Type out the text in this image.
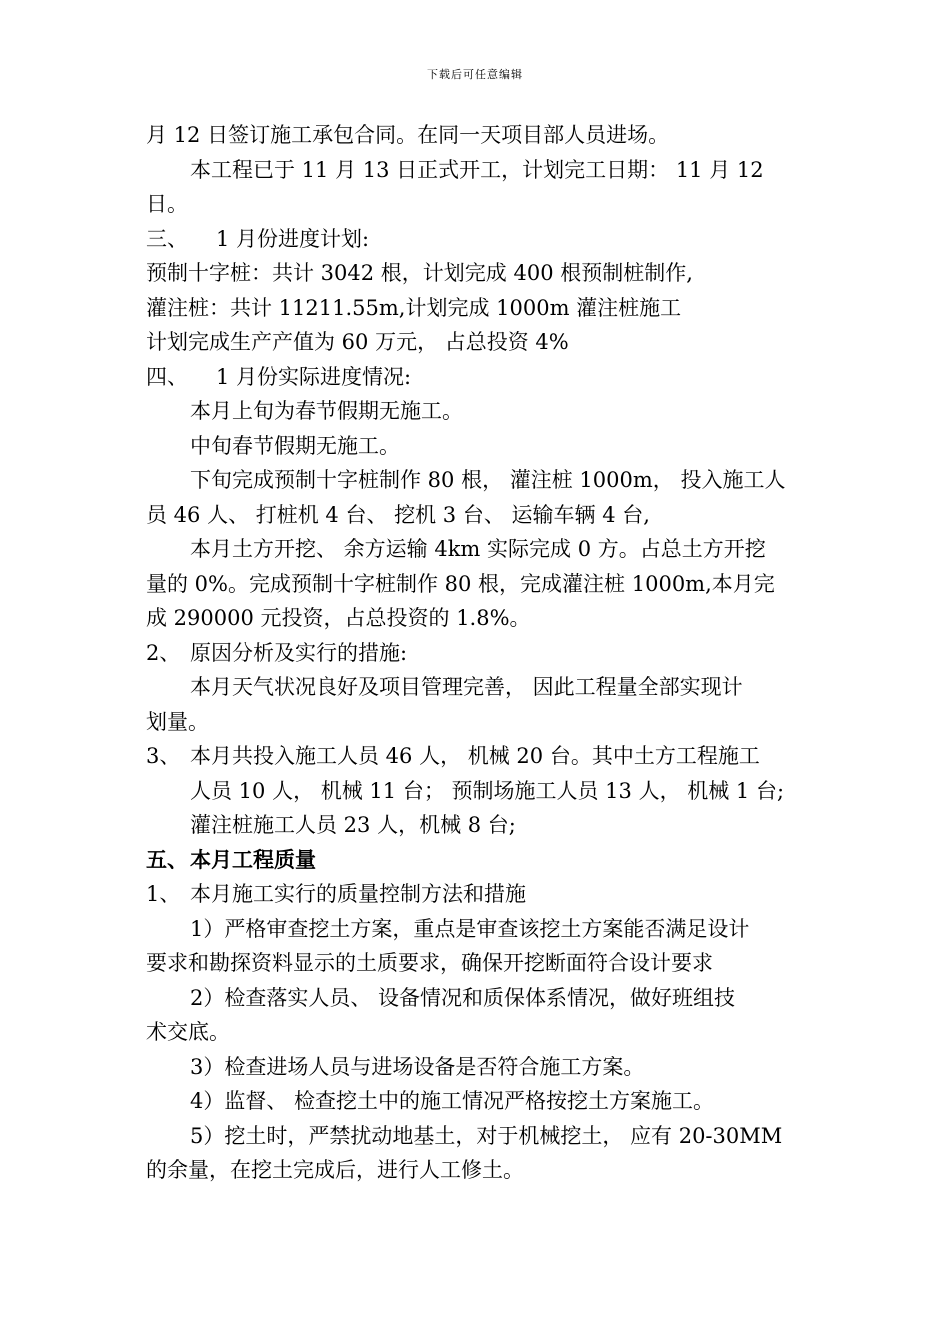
下载后可任意编辑
月 12 日签订施工承包合同。在同一天项目部人员进场。
本工程已于 11 月 13 日正式开工，计划完工日期： 11 月 12
日。
三、 1 月份进度计划:
预制十字桩：共计 3042 根，计划完成 400 根预制桩制作,
灌注桩：共计 11211.55m,计划完成 1000m 灌注桩施工
计划完成生产产值为 60 万元， 占总投资 4%
四、 1 月份实际进度情况:
本月上旬为春节假期无施工。
中旬春节假期无施工。
下旬完成预制十字桩制作 80 根， 灌注桩 1000m， 投入施工人
员 46 人、 打桩机 4 台、 挖机 3 台、 运输车辆 4 台,
本月土方开挖、 余方运输 4km 实际完成 0 方。占总土方开挖
量的 0%。完成预制十字桩制作 80 根，完成灌注桩 1000m,本月完
成 290000 元投资，占总投资的 1.8%。
2、 原因分析及实行的措施:
本月天气状况良好及项目管理完善， 因此工程量全部实现计
划量。
3、 本月共投入施工人员 46 人， 机械 20 台。其中土方工程施工
人员 10 人， 机械 11 台； 预制场施工人员 13 人， 机械 1 台;
灌注桩施工人员 23 人，机械 8 台;
五、本月工程质量
1、 本月施工实行的质量控制方法和措施
1）严格审查挖土方案，重点是审查该挖土方案能否满足设计
要求和勘探资料显示的土质要求，确保开挖断面符合设计要求
2）检查落实人员、 设备情况和质保体系情况，做好班组技
术交底。
3）检查进场人员与进场设备是否符合施工方案。
4）监督、 检查挖土中的施工情况严格按挖土方案施工。
5）挖土时，严禁扰动地基土，对于机械挖土， 应有 20-30MM
的余量，在挖土完成后，进行人工修土。
